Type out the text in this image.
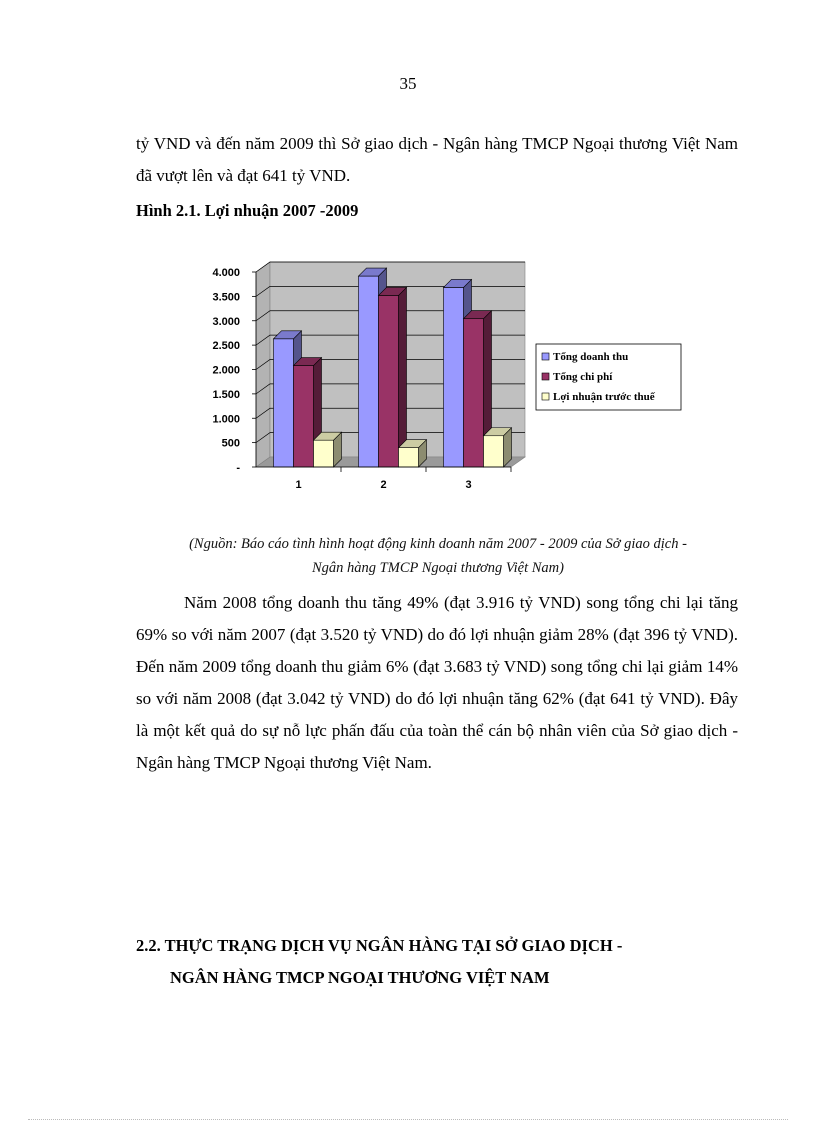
35

tỷ VND và đến năm 2009 thì Sở giao dịch - Ngân hàng TMCP Ngoại thương Việt Nam đã vượt lên và đạt 641 tỷ VND.

Hình 2.1. Lợi nhuận 2007 -2009

-
500
1.000
1.500
2.000
2.500
3.000
3.500
4.000
1	2	3
Tổng doanh thu
Tổng chi phí
Lợi nhuận trước thuế

(Nguồn: Báo cáo tình hình hoạt động kinh doanh năm 2007 - 2009 của Sở giao dịch -
Ngân hàng TMCP Ngoại thương Việt Nam)

Năm 2008 tổng doanh thu tăng 49% (đạt 3.916 tỷ VND) song tổng chi lại tăng 69% so với năm 2007 (đạt 3.520 tỷ VND) do đó lợi nhuận giảm 28% (đạt 396 tỷ VND). Đến năm 2009 tổng doanh thu giảm 6% (đạt 3.683 tỷ VND) song tổng chi lại giảm 14% so với năm 2008 (đạt 3.042 tỷ VND) do đó lợi nhuận tăng 62% (đạt 641 tỷ VND). Đây là một kết quả do sự nỗ lực phấn đấu của toàn thể cán bộ nhân viên của Sở giao dịch - Ngân hàng TMCP Ngoại thương Việt Nam.

2.2. THỰC TRẠNG DỊCH VỤ NGÂN HÀNG TẠI SỞ GIAO DỊCH -
NGÂN HÀNG TMCP NGOẠI THƯƠNG VIỆT NAM
